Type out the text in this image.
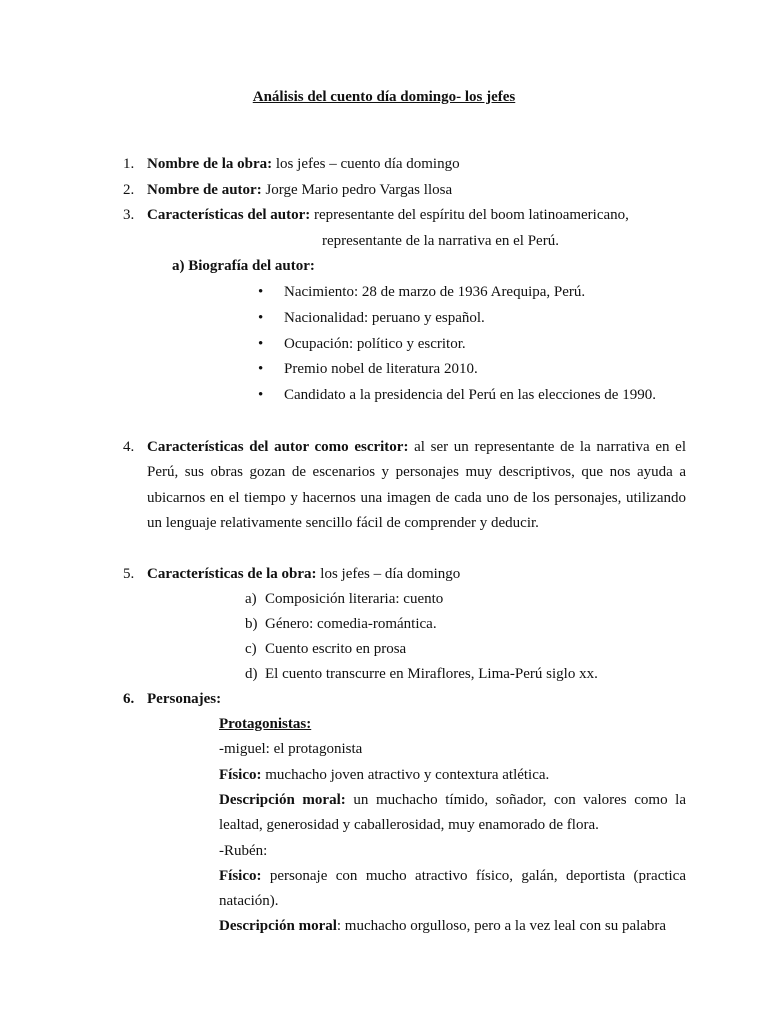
Análisis del cuento día domingo- los jefes
1. Nombre de la obra: los jefes – cuento día domingo
2. Nombre de autor: Jorge Mario pedro Vargas llosa
3. Características del autor: representante del espíritu del boom latinoamericano,
representante de la narrativa en el Perú.
a) Biografía del autor:
• Nacimiento: 28 de marzo de 1936 Arequipa, Perú.
• Nacionalidad: peruano y español.
• Ocupación: político y escritor.
• Premio nobel de literatura 2010.
• Candidato a la presidencia del Perú en las elecciones de 1990.
4. Características del autor como escritor: al ser un representante de la narrativa en el
Perú, sus obras gozan de escenarios y personajes muy descriptivos, que nos ayuda a
ubicarnos en el tiempo y hacernos una imagen de cada uno de los personajes, utilizando
un lenguaje relativamente sencillo fácil de comprender y deducir.
5. Características de la obra: los jefes – día domingo
a) Composición literaria: cuento
b) Género: comedia-romántica.
c) Cuento escrito en prosa
d) El cuento transcurre en Miraflores, Lima-Perú siglo xx.
6. Personajes:
Protagonistas:
-miguel: el protagonista
Físico: muchacho joven atractivo y contextura atlética.
Descripción moral: un muchacho tímido, soñador, con valores como la
lealtad, generosidad y caballerosidad, muy enamorado de flora.
-Rubén:
Físico: personaje con mucho atractivo físico, galán, deportista (practica
natación).
Descripción moral: muchacho orgulloso, pero a la vez leal con su palabra
